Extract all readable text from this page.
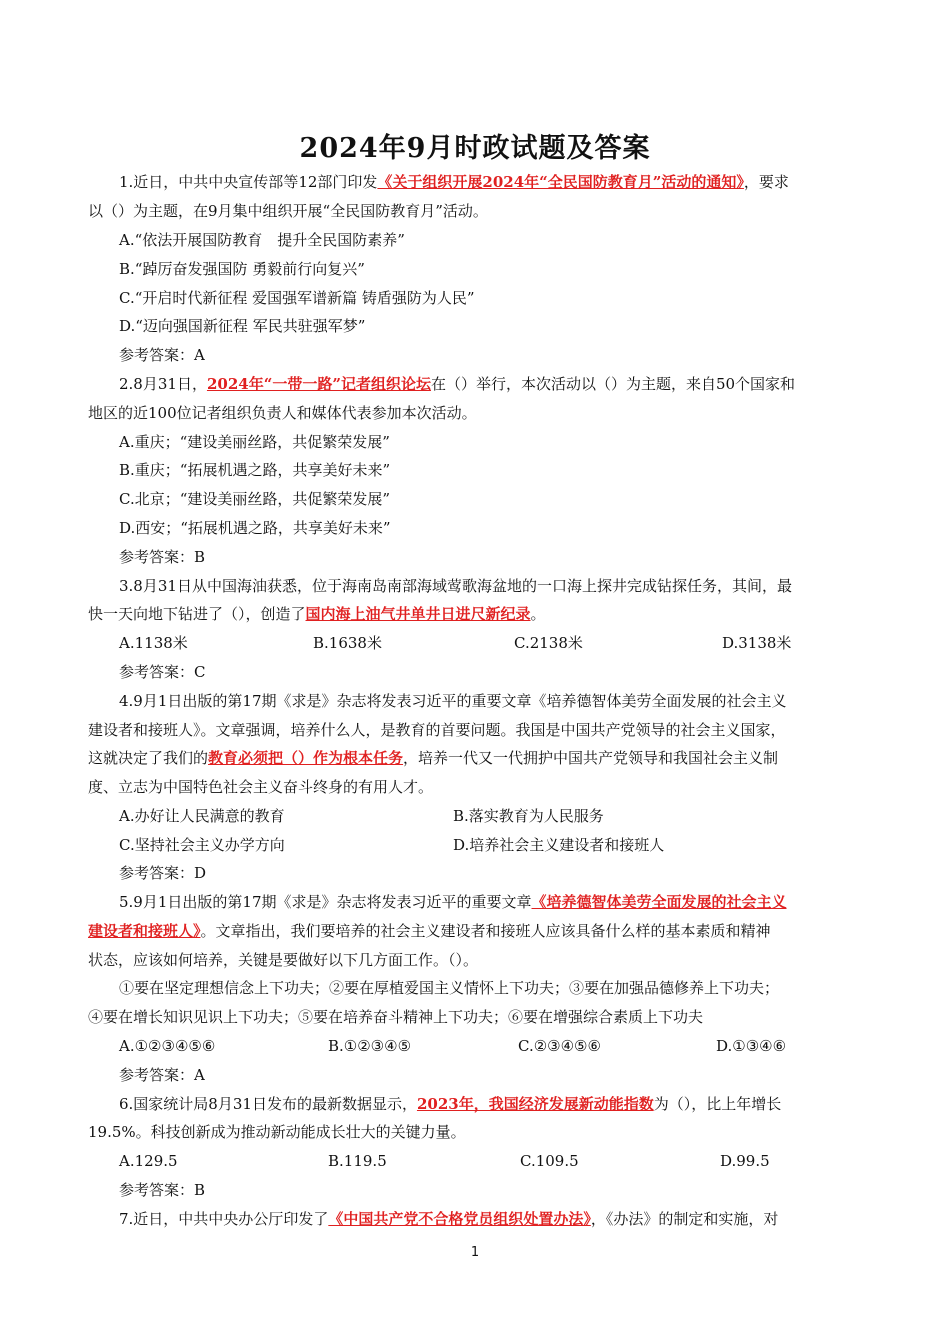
2024年9月时政试题及答案
1.近日，中共中央宣传部等12部门印发《关于组织开展2024年“全民国防教育月”活动的通知》，要求
以（）为主题，在9月集中组织开展“全民国防教育月”活动。
A.“依法开展国防教育　提升全民国防素养”
B.“踔厉奋发强国防 勇毅前行向复兴”
C.“开启时代新征程 爱国强军谱新篇 铸盾强防为人民”
D.“迈向强国新征程 军民共驻强军梦”
参考答案：A
2.8月31日，2024年“一带一路”记者组织论坛在（）举行，本次活动以（）为主题，来自50个国家和
地区的近100位记者组织负责人和媒体代表参加本次活动。
A.重庆；“建设美丽丝路，共促繁荣发展”
B.重庆；“拓展机遇之路，共享美好未来”
C.北京；“建设美丽丝路，共促繁荣发展”
D.西安；“拓展机遇之路，共享美好未来”
参考答案：B
3.8月31日从中国海油获悉，位于海南岛南部海域莺歌海盆地的一口海上探井完成钻探任务，其间，最
快一天向地下钻进了（），创造了国内海上油气井单井日进尺新纪录。
A.1138米	B.1638米	C.2138米	D.3138米
参考答案：C
4.9月1日出版的第17期《求是》杂志将发表习近平的重要文章《培养德智体美劳全面发展的社会主义
建设者和接班人》。文章强调，培养什么人，是教育的首要问题。我国是中国共产党领导的社会主义国家，
这就决定了我们的教育必须把（）作为根本任务，培养一代又一代拥护中国共产党领导和我国社会主义制
度、立志为中国特色社会主义奋斗终身的有用人才。
A.办好让人民满意的教育	B.落实教育为人民服务
C.坚持社会主义办学方向	D.培养社会主义建设者和接班人
参考答案：D
5.9月1日出版的第17期《求是》杂志将发表习近平的重要文章《培养德智体美劳全面发展的社会主义
建设者和接班人》。文章指出，我们要培养的社会主义建设者和接班人应该具备什么样的基本素质和精神
状态，应该如何培养，关键是要做好以下几方面工作。（）。
①要在坚定理想信念上下功夫；②要在厚植爱国主义情怀上下功夫；③要在加强品德修养上下功夫；
④要在增长知识见识上下功夫；⑤要在培养奋斗精神上下功夫；⑥要在增强综合素质上下功夫
A.①②③④⑤⑥	B.①②③④⑤	C.②③④⑤⑥	D.①③④⑥
参考答案：A
6.国家统计局8月31日发布的最新数据显示，2023年，我国经济发展新动能指数为（），比上年增长
19.5%。科技创新成为推动新动能成长壮大的关键力量。
A.129.5	B.119.5	C.109.5	D.99.5
参考答案：B
7.近日，中共中央办公厅印发了《中国共产党不合格党员组织处置办法》，《办法》的制定和实施，对
1
